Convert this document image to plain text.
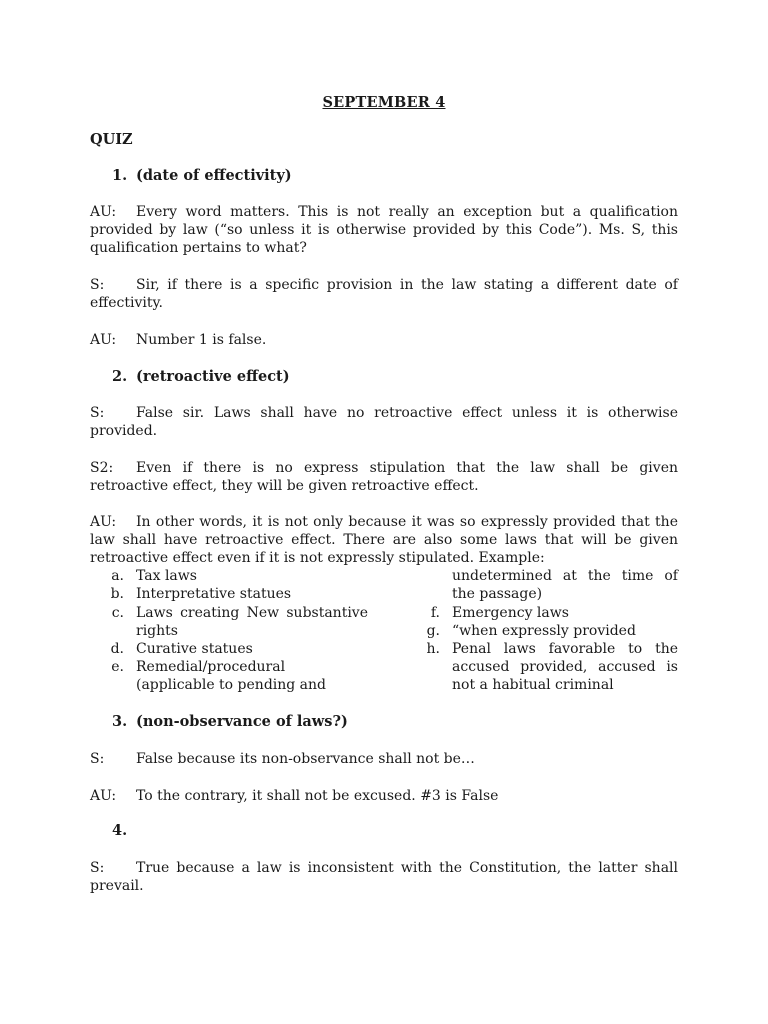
SEPTEMBER 4
QUIZ
1. (date of effectivity)
AU: Every word matters. This is not really an exception but a qualification provided by law (“so unless it is otherwise provided by this Code”). Ms. S, this qualification pertains to what?
S: Sir, if there is a specific provision in the law stating a different date of effectivity.
AU: Number 1 is false.
2. (retroactive effect)
S: False sir. Laws shall have no retroactive effect unless it is otherwise provided.
S2: Even if there is no express stipulation that the law shall be given retroactive effect, they will be given retroactive effect.
AU: In other words, it is not only because it was so expressly provided that the law shall have retroactive effect. There are also some laws that will be given retroactive effect even if it is not expressly stipulated. Example:
a. Tax laws
b. Interpretative statues
c. Laws creating New substantive rights
d. Curative statues
e. Remedial/procedural (applicable to pending and
undetermined at the time of the passage)
f. Emergency laws
g. “when expressly provided
h. Penal laws favorable to the accused provided, accused is not a habitual criminal
3. (non-observance of laws?)
S: False because its non-observance shall not be…
AU: To the contrary, it shall not be excused. #3 is False
4.
S: True because a law is inconsistent with the Constitution, the latter shall prevail.
